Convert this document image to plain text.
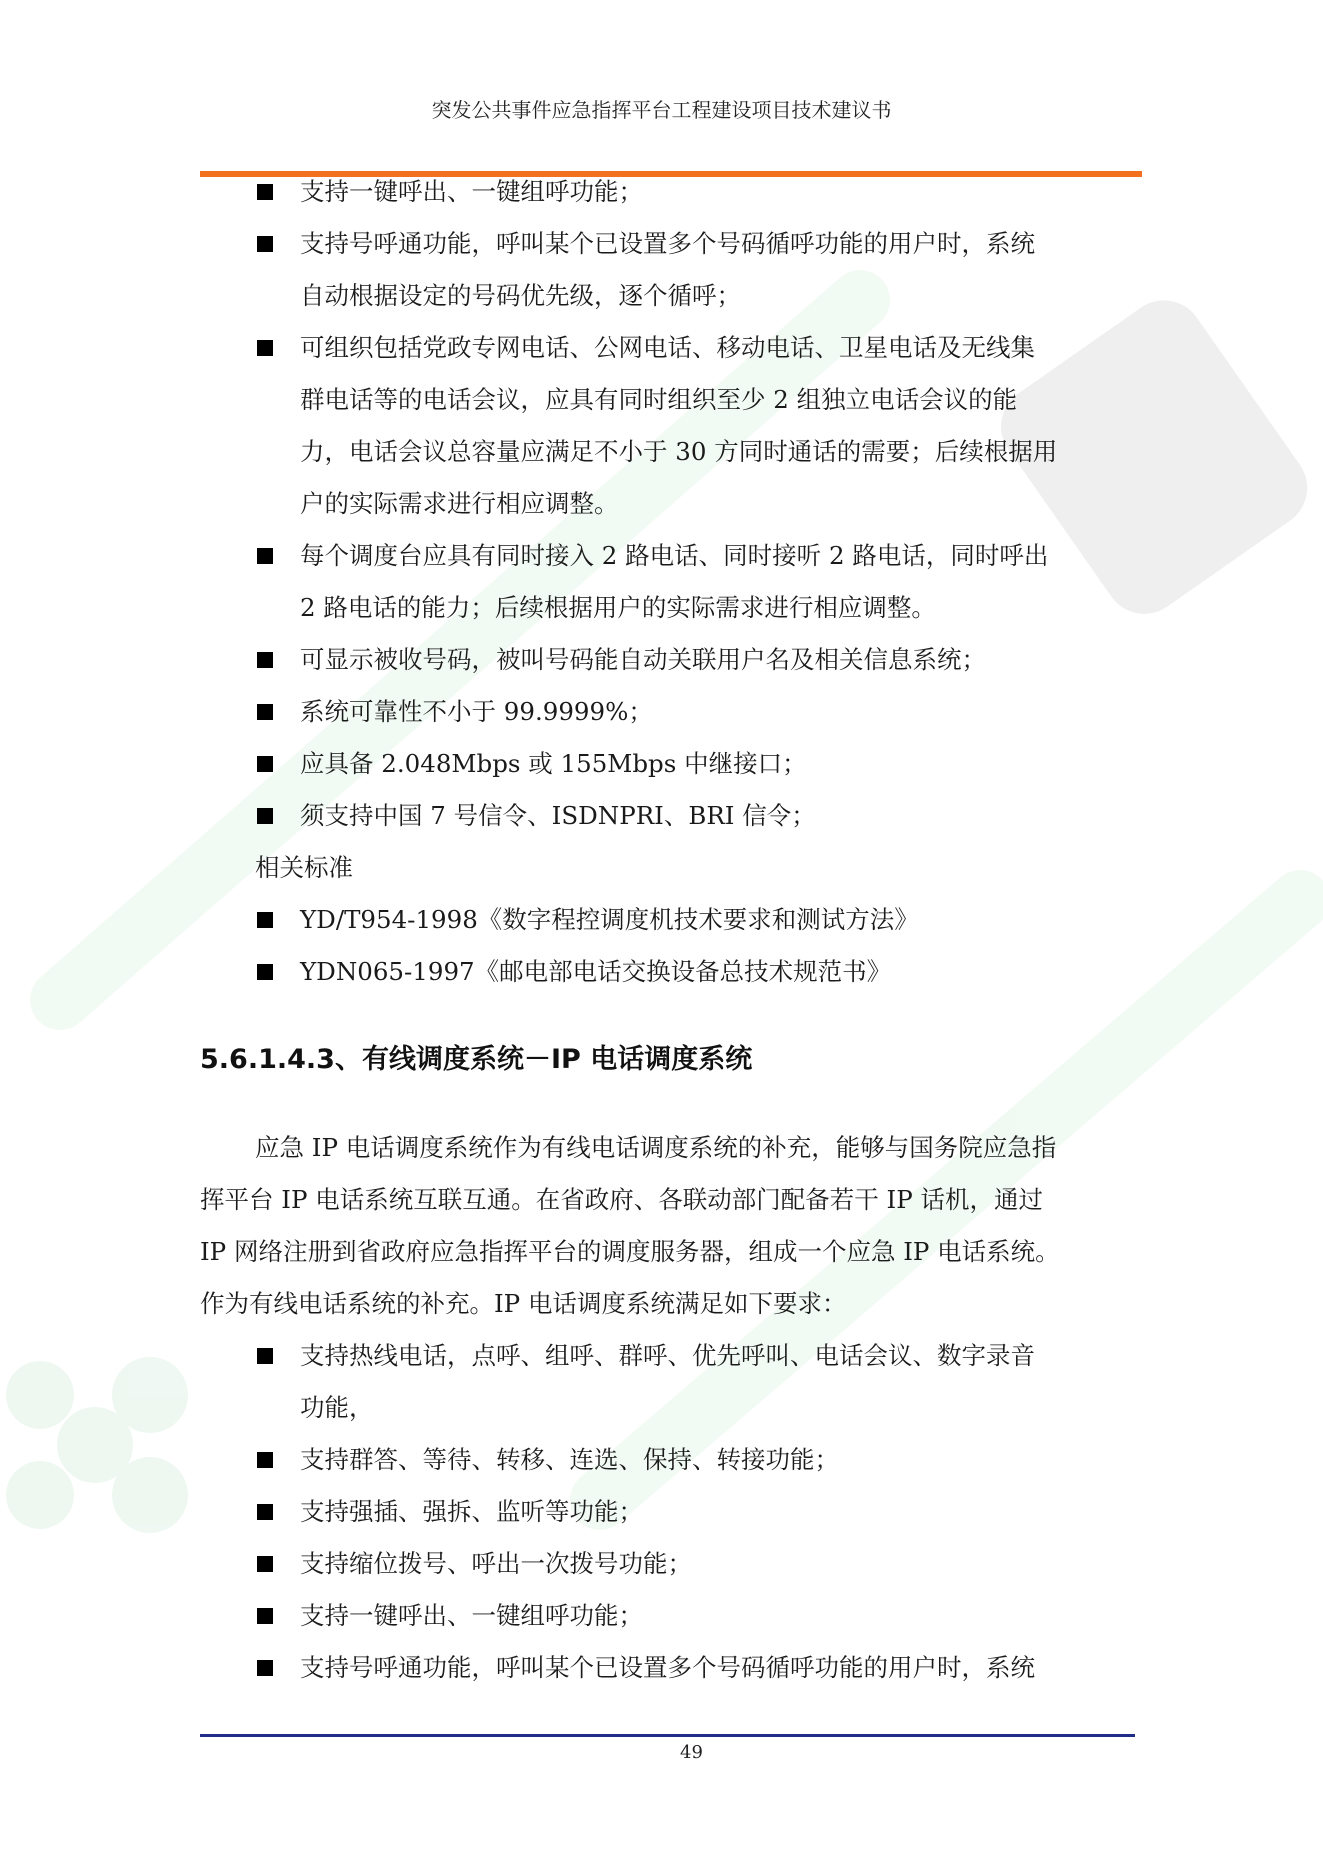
突发公共事件应急指挥平台工程建设项目技术建议书
支持一键呼出、一键组呼功能；
支持号呼通功能，呼叫某个已设置多个号码循呼功能的用户时，系统
自动根据设定的号码优先级，逐个循呼；
可组织包括党政专网电话、公网电话、移动电话、卫星电话及无线集
群电话等的电话会议，应具有同时组织至少 2 组独立电话会议的能
力，电话会议总容量应满足不小于 30 方同时通话的需要；后续根据用
户的实际需求进行相应调整。
每个调度台应具有同时接入 2 路电话、同时接听 2 路电话，同时呼出
2 路电话的能力；后续根据用户的实际需求进行相应调整。
可显示被收号码，被叫号码能自动关联用户名及相关信息系统；
系统可靠性不小于 99.9999%；
应具备 2.048Mbps 或 155Mbps 中继接口；
须支持中国 7 号信令、ISDNPRI、BRI 信令；
相关标准
YD/T954-1998《数字程控调度机技术要求和测试方法》
YDN065-1997《邮电部电话交换设备总技术规范书》
5.6.1.4.3、有线调度系统－IP 电话调度系统
应急 IP 电话调度系统作为有线电话调度系统的补充，能够与国务院应急指
挥平台 IP 电话系统互联互通。在省政府、各联动部门配备若干 IP 话机，通过
IP 网络注册到省政府应急指挥平台的调度服务器，组成一个应急 IP 电话系统。
作为有线电话系统的补充。IP 电话调度系统满足如下要求：
支持热线电话，点呼、组呼、群呼、优先呼叫、电话会议、数字录音
功能，
支持群答、等待、转移、连选、保持、转接功能；
支持强插、强拆、监听等功能；
支持缩位拨号、呼出一次拨号功能；
支持一键呼出、一键组呼功能；
支持号呼通功能，呼叫某个已设置多个号码循呼功能的用户时，系统
49
